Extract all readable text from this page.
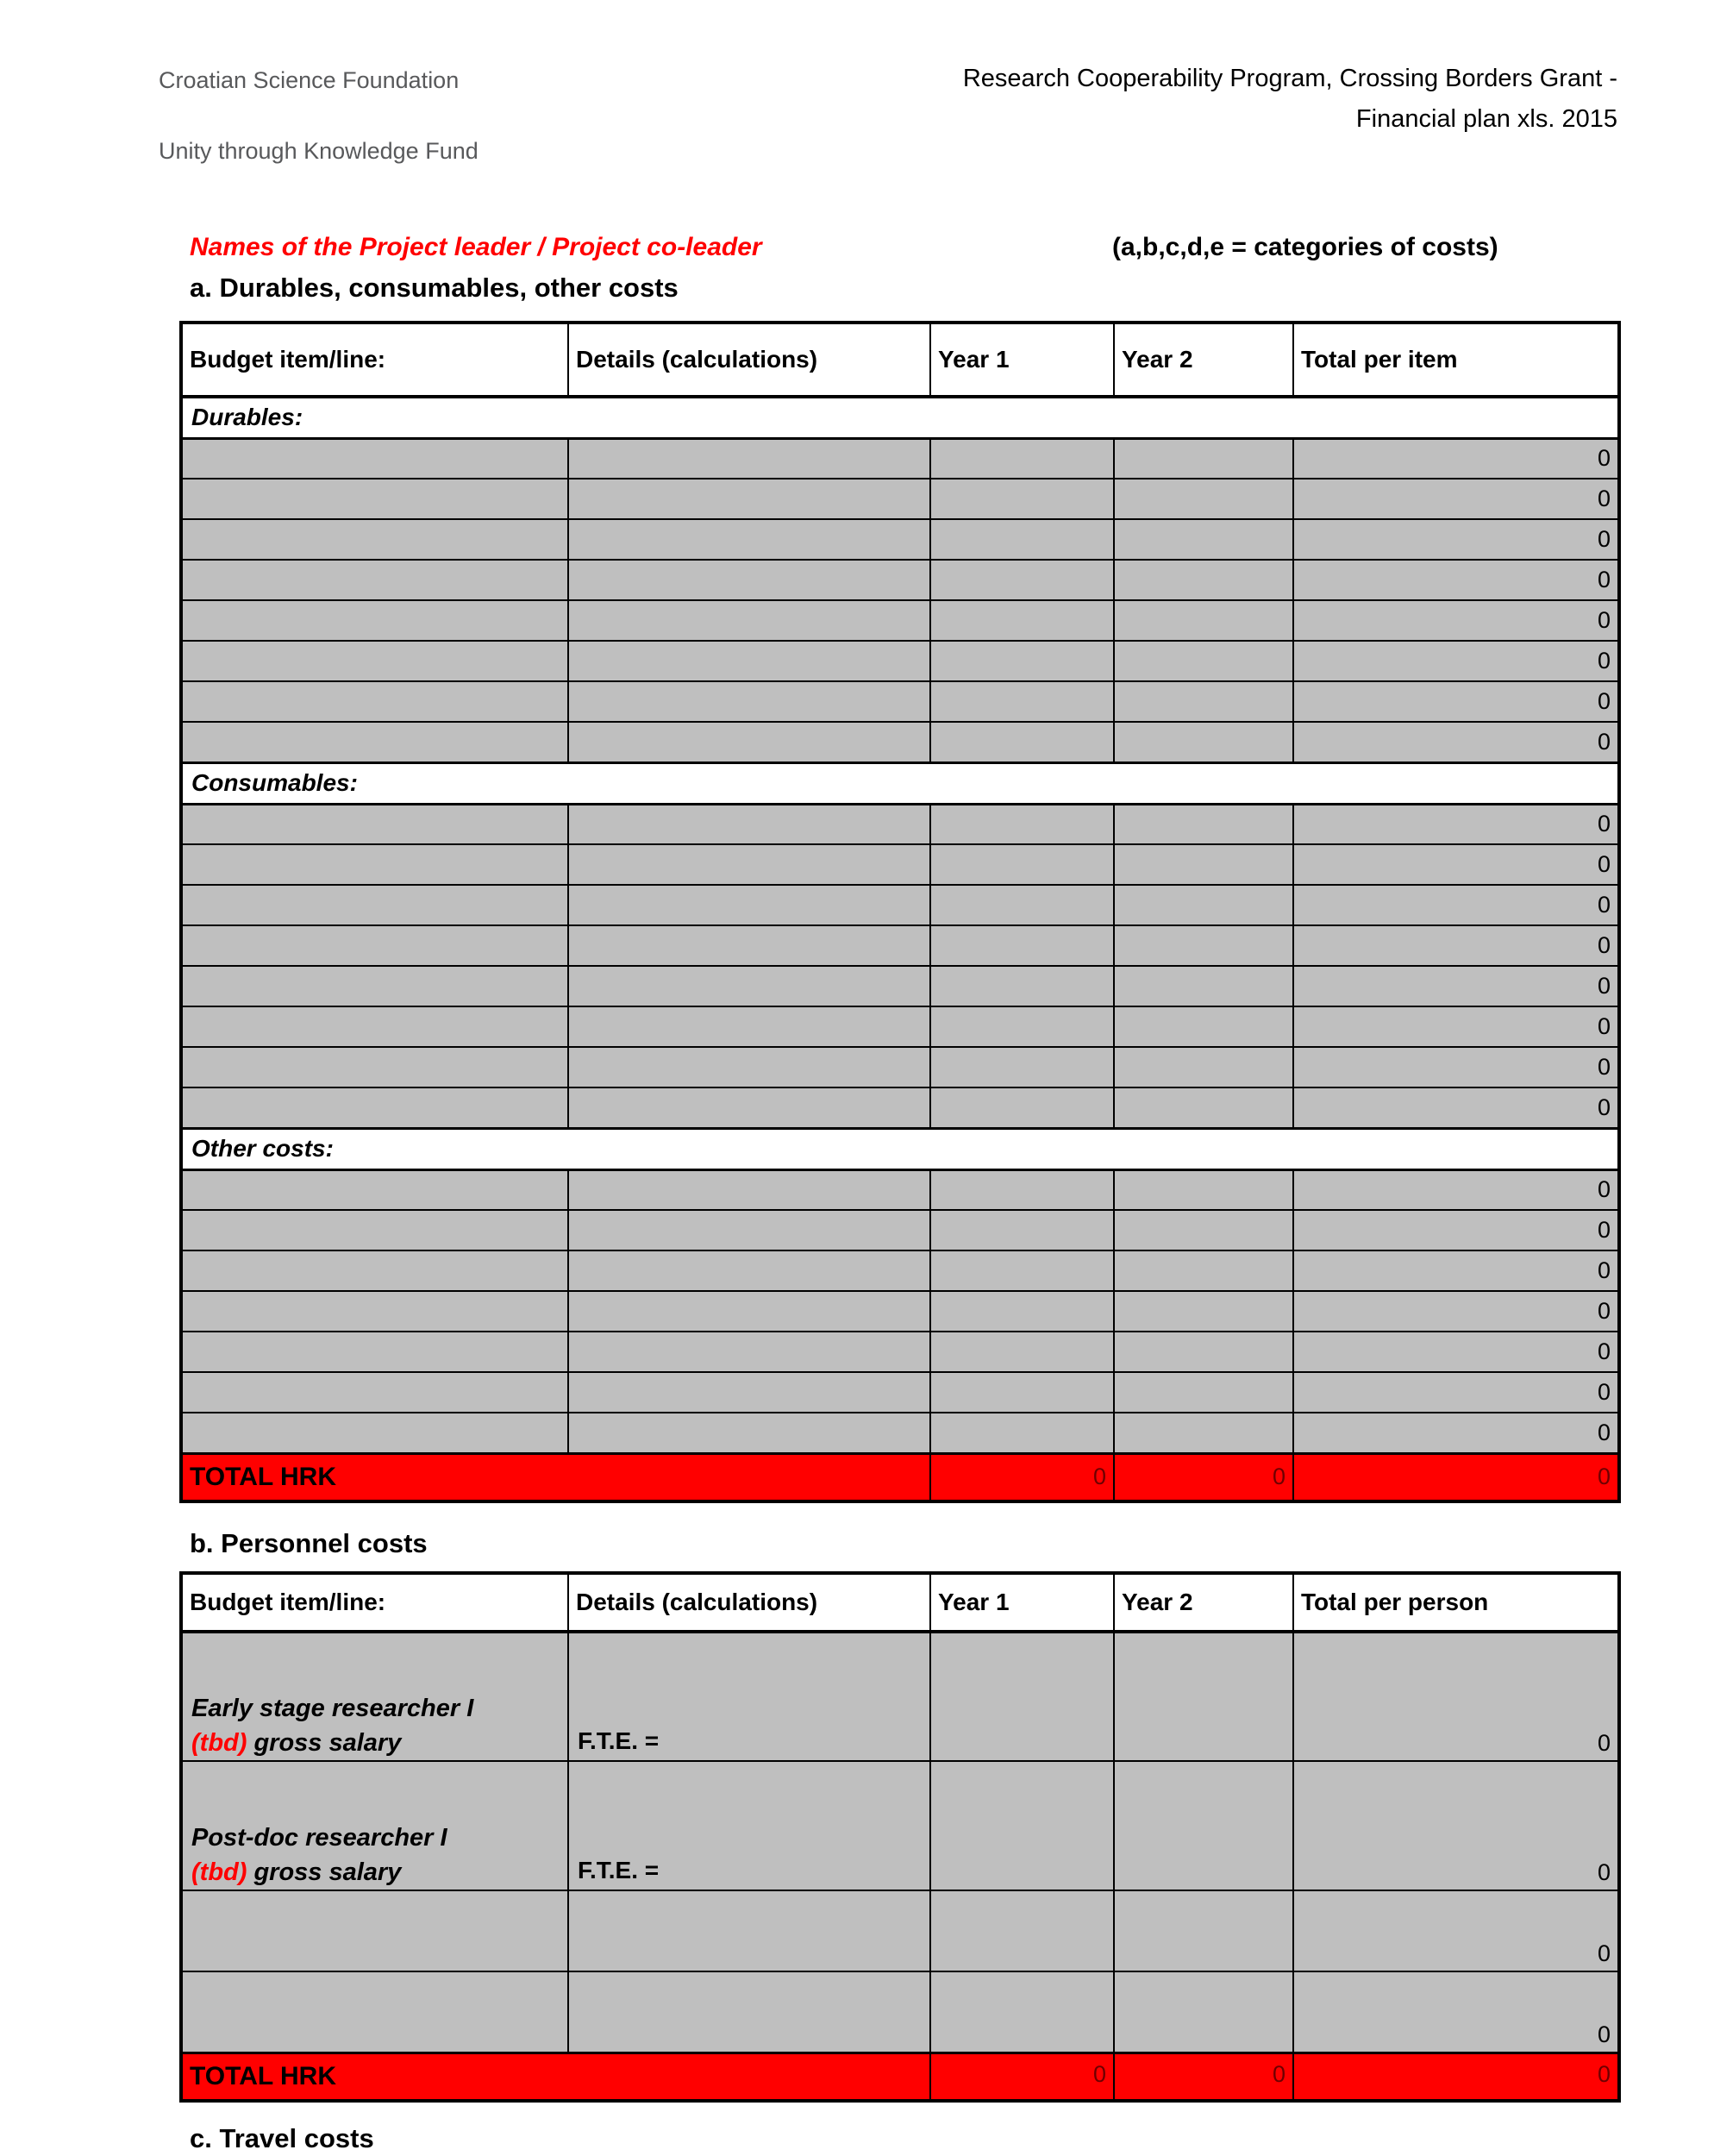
Croatian Science Foundation
Unity through Knowledge Fund
Research Cooperability Program, Crossing Borders Grant -
Financial plan xls. 2015
Names of the Project leader / Project co-leader	(a,b,c,d,e = categories of costs)
a. Durables, consumables, other costs
Budget item/line:	Details (calculations)	Year 1	Year 2	Total per item
Durables:				
				0
				0
				0
				0
				0
				0
				0
				0
Consumables:				
				0
				0
				0
				0
				0
				0
				0
				0
Other costs:				
				0
				0
				0
				0
				0
				0
				0
TOTAL HRK		0	0	0
b. Personnel costs
Budget item/line:	Details (calculations)	Year 1	Year 2	Total per person
Early stage researcher I
(tbd) gross salary	F.T.E. =			0
Post-doc researcher I
(tbd) gross salary	F.T.E. =			0
				0
				0
TOTAL HRK		0	0	0
c. Travel costs
